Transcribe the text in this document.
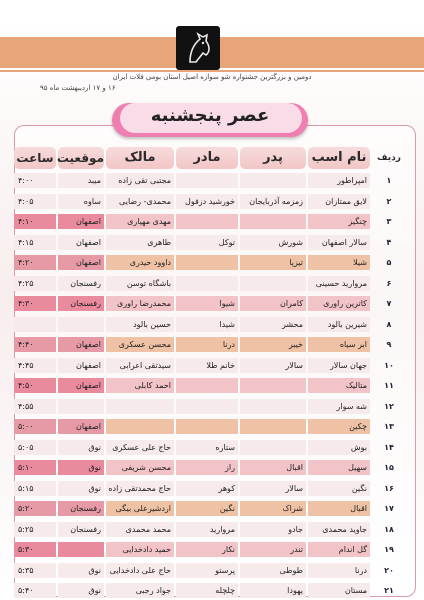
دومین و بزرگترین جشنواره شو سواره اصیل استان بومی فلات ایران
۱۶ و ۱۷ اردیبهشت ماه ۹۵
عصر پنجشنبه
ردیف
نام اسب
پدر
مادر
مالک
موقعیت
ساعت
۱
امپراطور
مجتبی تقی زاده
میبد
۴:۰۰
۲
لایق ممتازان
زمزمه آذربایجان
خورشید دزفول
محمدی- رضایی
ساوه
۴:۰۵
۳
چنگیز
مهدی مهیاری
اصفهان
۴:۱۰
۴
سالار اصفهان
شورش
توکل
طاهری
اصفهان
۴:۱۵
۵
شیلا
تیزپا
داوود حیدری
اصفهان
۴:۲۰
۶
مروارید حسینی
باشگاه توسن
رفسنجان
۴:۲۵
۷
کاترین راوری
کامران
شیوا
محمدرضا راوری
رفسنجان
۴:۳۰
۸
شیرین بالود
محشر
شیدا
حسین بالود
۹
ابر سیاه
خیبر
درنا
محسن عسکری
اصفهان
۴:۴۰
۱۰
جهان سالار
سالار
خانم طلا
سیدتقی اعرابی
اصفهان
۴:۴۵
۱۱
متالیک
احمد کابلی
اصفهان
۴:۵۰
۱۲
شه سوار
۴:۵۵
۱۳
چکین
اصفهان
۵:۰۰
۱۴
بوش
ستاره
حاج علی عسکری
نوق
۵:۰۵
۱۵
سهیل
اقبال
راز
محسن شریفی
نوق
۵:۱۰
۱۶
نگین
سالار
کوهر
حاج محمدتقی زاده
نوق
۵:۱۵
۱۷
اقبال
شراک
نگین
اردشیرعلی بیگی
رفسنجان
۵:۲۰
۱۸
جاوید محمدی
جادو
مروارید
محمد محمدی
رفسنجان
۵:۲۵
۱۹
گل اندام
تندر
نکار
حمید دادخدایی
۵:۳۰
۲۰
درنا
طوطی
پرستو
حاج علی دادخدایی
نوق
۵:۳۵
۲۱
مستان
یهودا
چلچله
جواد رجبی
نوق
۵:۴۰
